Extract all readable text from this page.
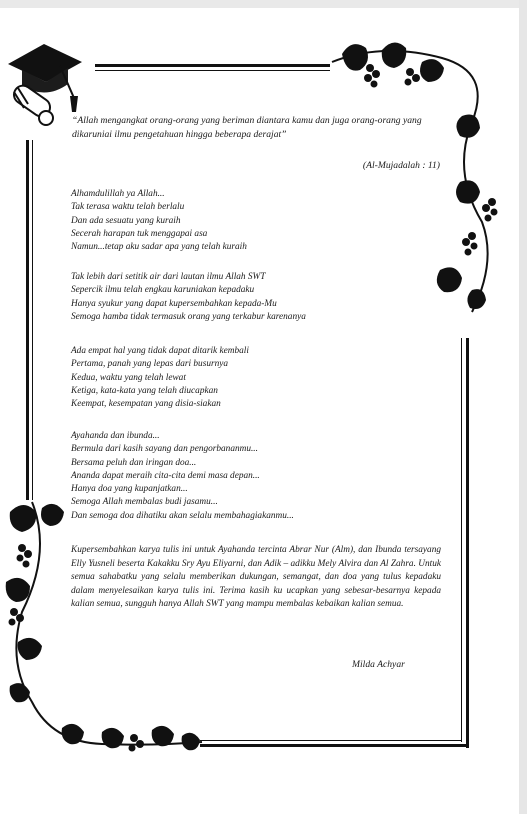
“Allah mengangkat orang-orang yang beriman diantara kamu dan juga orang-orang yang dikaruniai ilmu pengetahuan hingga beberapa derajat”
(Al-Mujadalah : 11)
Alhamdulillah ya Allah...
Tak terasa waktu telah berlalu
Dan ada sesuatu yang kuraih
Secerah harapan tuk menggapai asa
Namun...tetap aku sadar apa yang telah kuraih
Tak lebih dari setitik air dari lautan ilmu Allah SWT
Sepercik ilmu telah engkau karuniakan kepadaku
Hanya syukur yang dapat kupersembahkan kepada-Mu
Semoga hamba tidak termasuk orang yang terkabur karenanya
Ada empat hal yang tidak dapat ditarik kembali
Pertama, panah yang lepas dari busurnya
Kedua, waktu yang telah lewat
Ketiga, kata-kata yang telah diucapkan
Keempat, kesempatan yang disia-siakan
Ayahanda dan ibunda...
Bermula dari kasih sayang dan pengorbananmu...
Bersama peluh dan iringan doa...
Ananda dapat meraih cita-cita demi masa depan...
Hanya doa yang kupanjatkan...
Semoga Allah membalas budi jasamu...
Dan semoga doa dihatiku akan selalu membahagiakanmu...
Kupersembahkan karya tulis ini untuk Ayahanda tercinta Abrar Nur (Alm), dan Ibunda tersayang Elly Yusneli beserta Kakakku Sry Ayu Eliyarni, dan Adik – adikku Mely Alvira dan Al Zahra. Untuk semua sahabatku yang selalu memberikan dukungan, semangat, dan doa yang tulus kepadaku dalam menyelesaikan karya tulis ini. Terima kasih ku ucapkan yang sebesar-besarnya kepada kalian semua, sungguh hanya Allah SWT yang mampu membalas kebaikan kalian semua.
Milda Achyar
